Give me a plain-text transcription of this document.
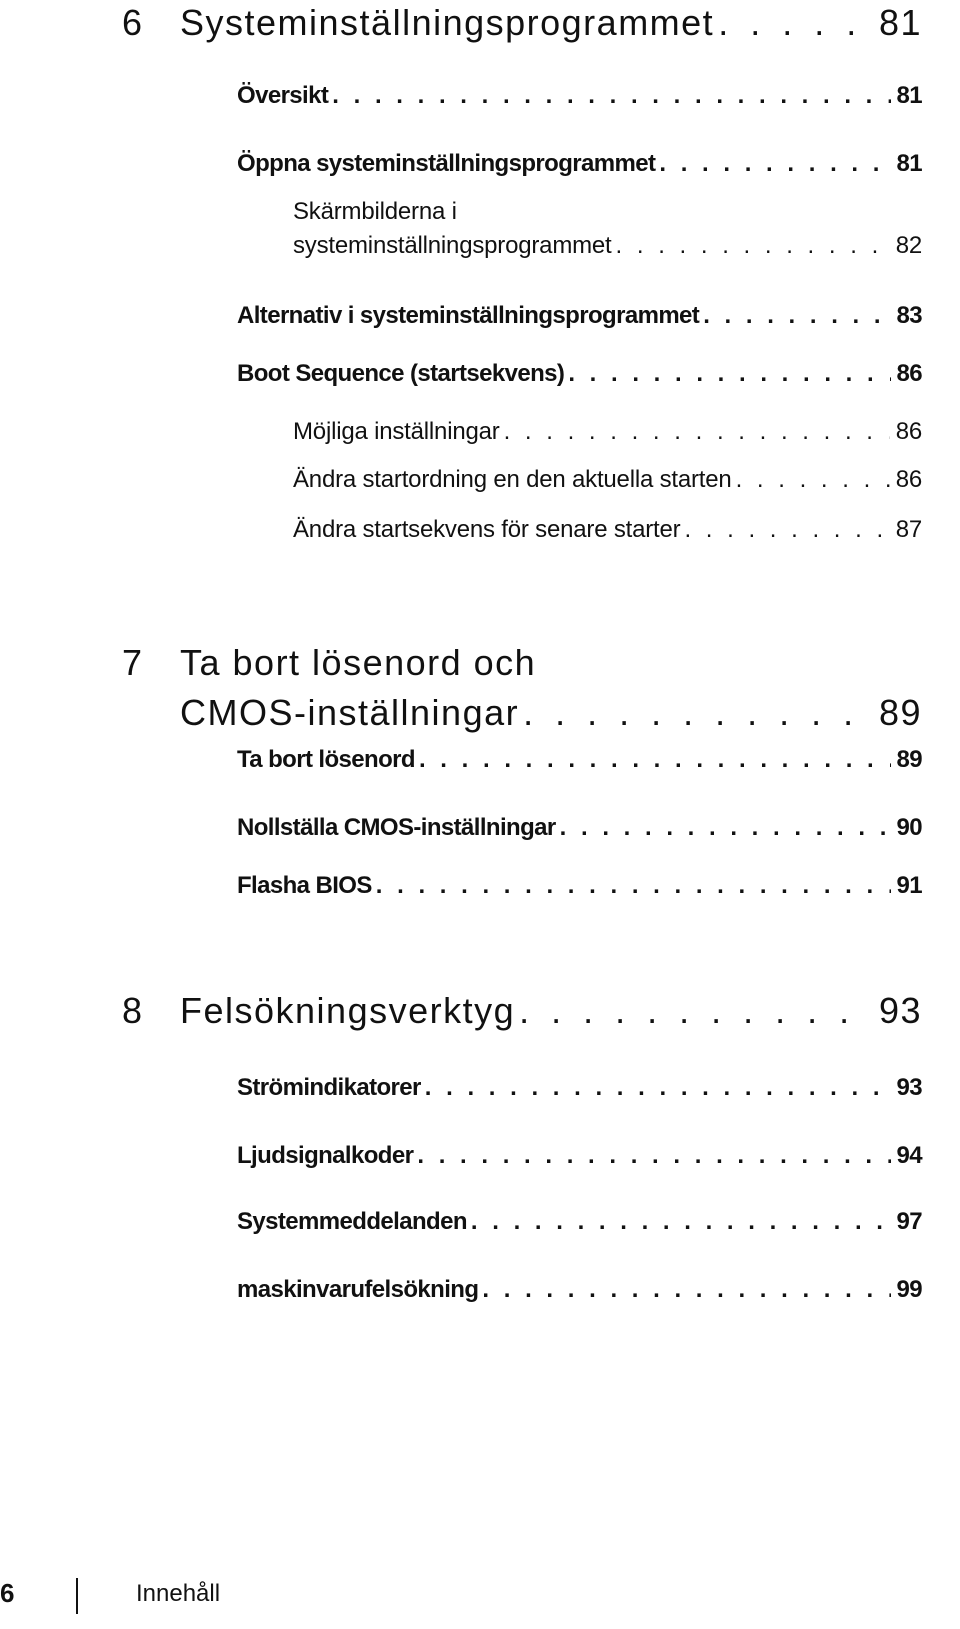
6	Systeminställningsprogrammet . . .	81
Översikt . . .	81
Öppna systeminställningsprogrammet . . .	81
Skärmbilderna i
systeminställningsprogrammet . . .	82
Alternativ i systeminställningsprogrammet . . .	83
Boot Sequence (startsekvens) . . .	86
Möjliga inställningar . . .	86
Ändra startordning en den aktuella starten . . .	86
Ändra startsekvens för senare starter . . .	87
7 Ta bort lösenord och
CMOS-inställningar . . .	89
Ta bort lösenord . . .	89
Nollställa CMOS-inställningar . . .	90
Flasha BIOS . . .	91
8	Felsökningsverktyg . . .	93
Strömindikatorer . . .	93
Ljudsignalkoder . . .	94
Systemmeddelanden . . .	97
maskinvarufelsökning . . .	99
6	Innehåll
